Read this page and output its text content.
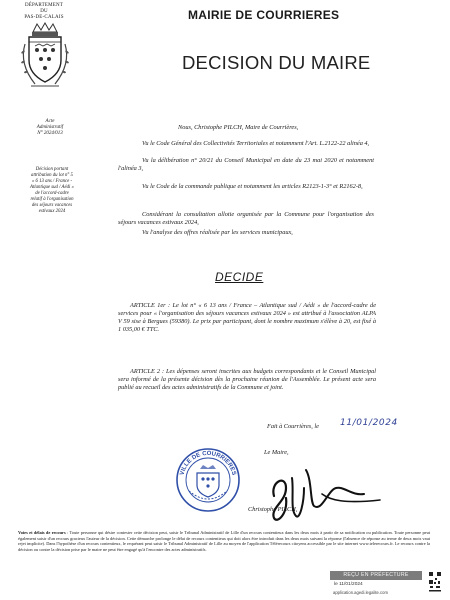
DÉPARTEMENT
DU
PAS-DE-CALAIS	MAIRIE DE COURRIERES
DECISION DU MAIRE
Acte
Administratif
N° 2024/013
Décision portant
attribution du lot n° 5
« 6 13 ans / France -
Atlantique sud / Aédi »
de l'accord-cadre
relatif à l'organisation
des séjours vacances
estivaux 2024
Nous, Christophe PILCH, Maire de Courrières,
Vu le Code Général des Collectivités Territoriales et notamment l'Art. L.2122-22 alinéa 4,
Vu la délibération n° 20/21 du Conseil Municipal en date du 23 mai 2020 et notamment l'alinéa 3,
Vu le Code de la commande publique et notamment les articles R2123-1-3° et R2162-8,
Considérant la consultation allotie organisée par la Commune pour l'organisation des séjours vacances estivaux 2024,
Vu l'analyse des offres réalisée par les services municipaux,
DECIDE
ARTICLE 1er : Le lot n° « 6 13 ans / France – Atlantique sud / Aédi » de l'accord-cadre de services pour « l'organisation des séjours vacances estivaux 2024 » est attribué à l'association ALPA V 59 sise à Bergues (59380). Le prix par participant, dont le nombre maximum s'élève à 20, est fixé à 1 035,00 € TTC.
ARTICLE 2 : Les dépenses seront inscrites aux budgets correspondants et le Conseil Municipal sera informé de la présente décision dès la prochaine réunion de l'Assemblée. Le présent acte sera publié au recueil des actes administratifs de la Commune et joint.
Fait à Courrières, le 11/01/2024
Le Maire,
VILLE DE COURRIERES
Christophe PILCH,
Voies et délais de recours : Toute personne qui désire contester cette décision peut, saisir le Tribunal Administratif de Lille d'un recours contentieux dans les deux mois à partir de sa notification ou publication. Toute personne peut également saisir d'un recours gracieux l'auteur de la décision. Cette démarche prolonge le délai de recours contentieux qui doit alors être introduit dans les deux mois suivant la réponse (l'absence de réponse au terme de deux mois vaut rejet implicite). Dans l'hypothèse d'un recours contentieux, le requérant peut saisir le Tribunal Administratif de Lille au moyen de l'application Télérecours citoyens accessible par le site internet www.telerecours.fr. Le recours contre la décision ou contre la décision prise par le maire ne peut être engagé qu'à l'encontre des actes administratifs.
REÇU EN PRÉFECTURE
le 11/01/2024
application.agedi.legalite.com
